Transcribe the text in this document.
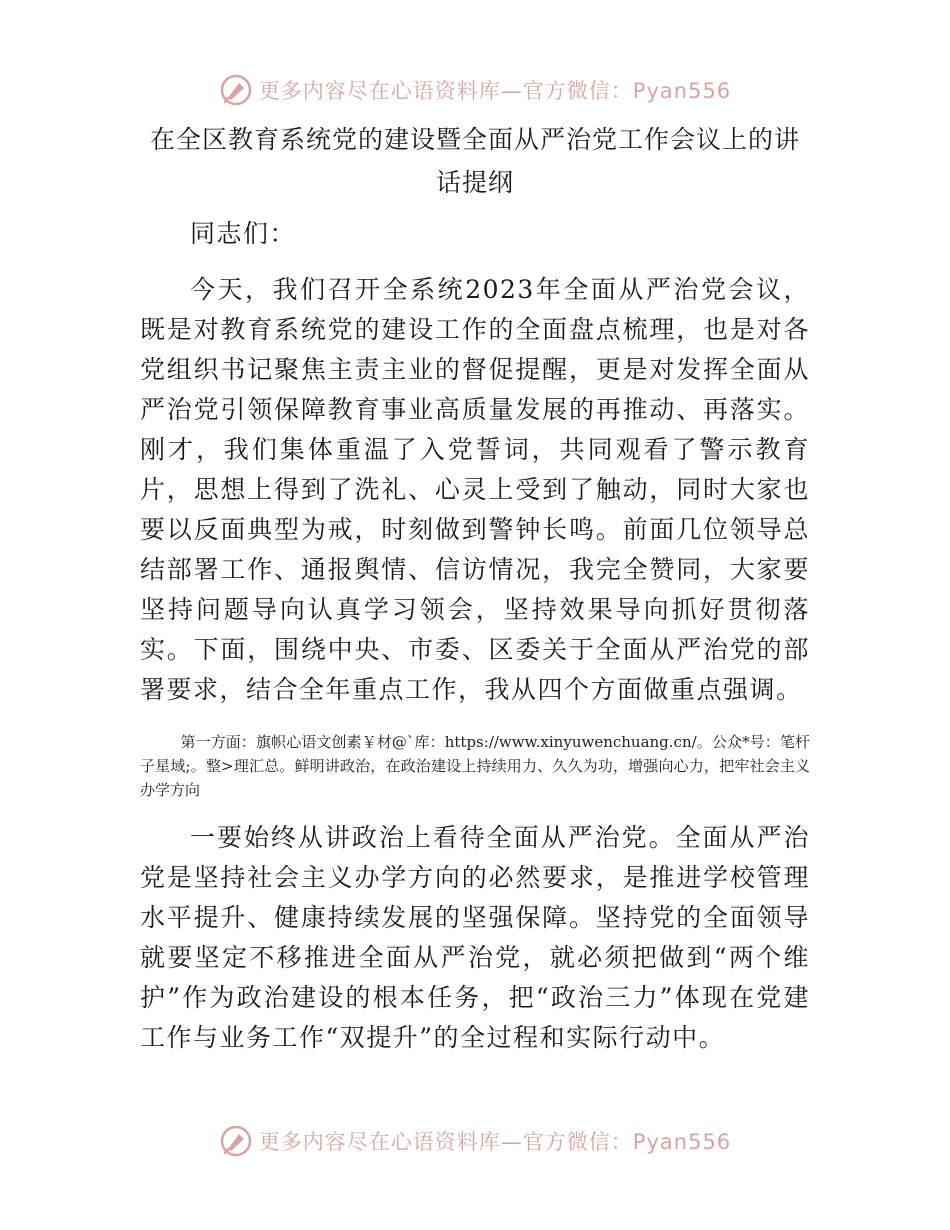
更多内容尽在心语资料库—官方微信：Pyan556
在全区教育系统党的建设暨全面从严治党工作会议上的讲话提纲

同志们：

今天，我们召开全系统2023年全面从严治党会议，既是对教育系统党的建设工作的全面盘点梳理，也是对各党组织书记聚焦主责主业的督促提醒，更是对发挥全面从严治党引领保障教育事业高质量发展的再推动、再落实。刚才，我们集体重温了入党誓词，共同观看了警示教育片，思想上得到了洗礼、心灵上受到了触动，同时大家也要以反面典型为戒，时刻做到警钟长鸣。前面几位领导总结部署工作、通报舆情、信访情况，我完全赞同，大家要坚持问题导向认真学习领会，坚持效果导向抓好贯彻落实。下面，围绕中央、市委、区委关于全面从严治党的部署要求，结合全年重点工作，我从四个方面做重点强调。

第一方面：旗帜心语文创素￥材@`库：https://www.xinyuwenchuang.cn/。公众*号：笔杆子星域;。整>理汇总。鲜明讲政治，在政治建设上持续用力、久久为功，增强向心力，把牢社会主义办学方向

一要始终从讲政治上看待全面从严治党。全面从严治党是坚持社会主义办学方向的必然要求，是推进学校管理水平提升、健康持续发展的坚强保障。坚持党的全面领导就要坚定不移推进全面从严治党，就必须把做到“两个维护”作为政治建设的根本任务，把“政治三力”体现在党建工作与业务工作“双提升”的全过程和实际行动中。

更多内容尽在心语资料库—官方微信：Pyan556
